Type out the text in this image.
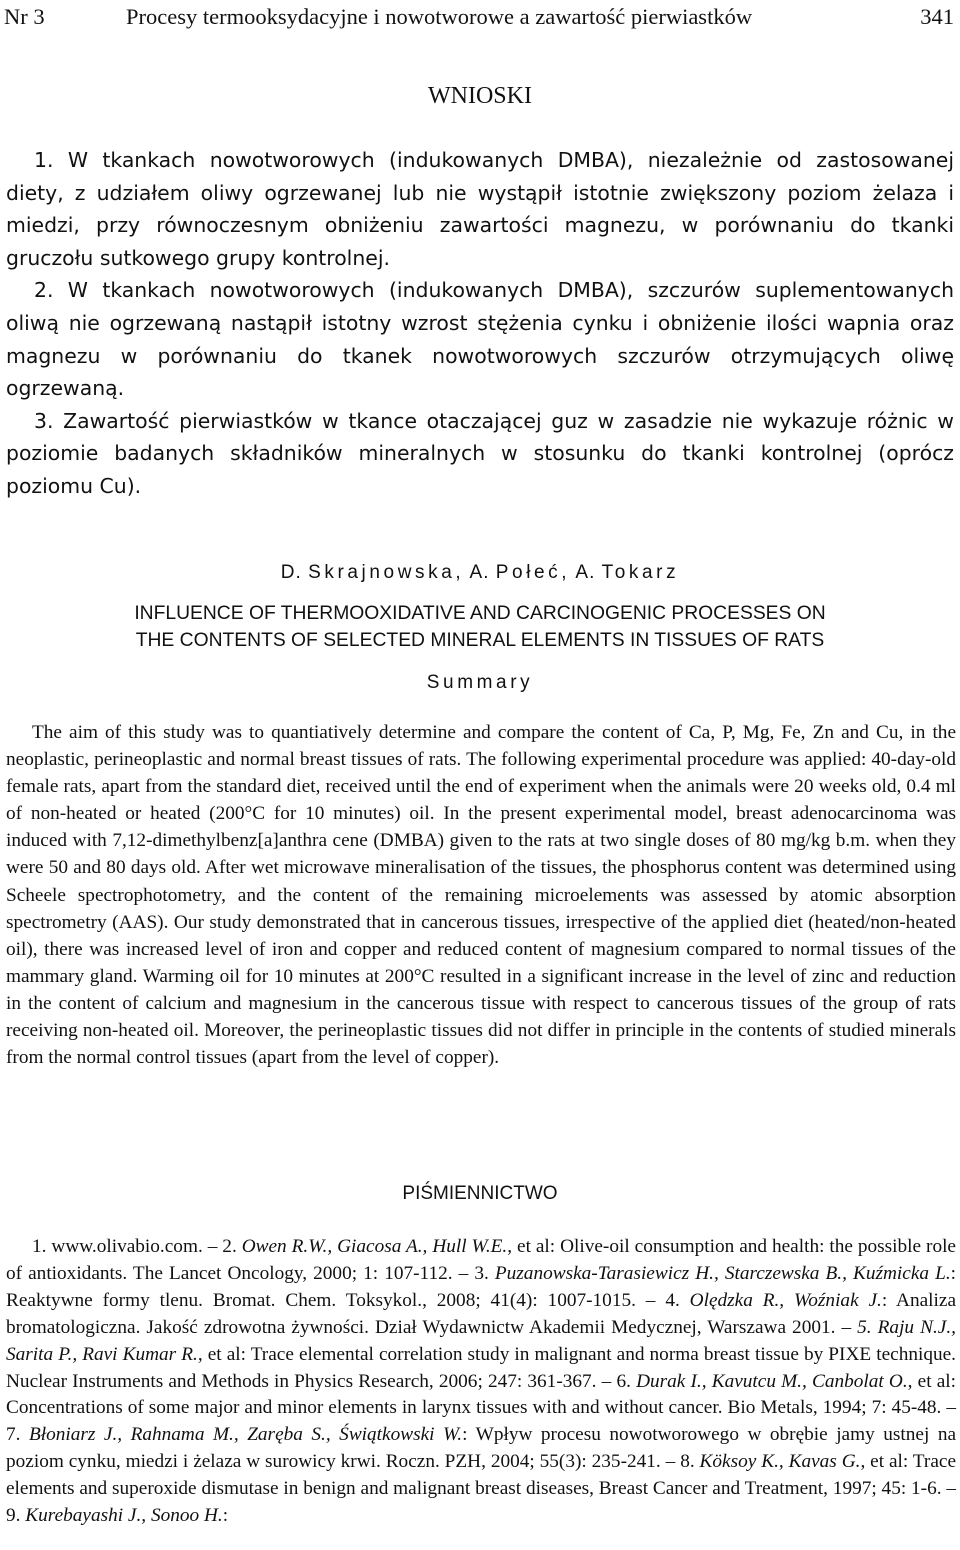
Nr 3	Procesy termooksydacyjne i nowotworowe a zawartość pierwiastków	341
WNIOSKI

1. W tkankach nowotworowych (indukowanych DMBA), niezależnie od zastosowanej diety, z udziałem oliwy ogrzewanej lub nie wystąpił istotnie zwiększony poziom żelaza i miedzi, przy równoczesnym obniżeniu zawartości magnezu, w porównaniu do tkanki gruczołu sutkowego grupy kontrolnej.

2. W tkankach nowotworowych (indukowanych DMBA), szczurów suplementowanych oliwą nie ogrzewaną nastąpił istotny wzrost stężenia cynku i obniżenie ilości wapnia oraz magnezu w porównaniu do tkanek nowotworowych szczurów otrzymujących oliwę ogrzewaną.

3. Zawartość pierwiastków w tkance otaczającej guz w zasadzie nie wykazuje różnic w poziomie badanych składników mineralnych w stosunku do tkanki kontrolnej (oprócz poziomu Cu).

D. Skrajnowska, A. Połeć, A. Tokarz
INFLUENCE OF THERMOOXIDATIVE AND CARCINOGENIC PROCESSES ON
THE CONTENTS OF SELECTED MINERAL ELEMENTS IN TISSUES OF RATS
Summary

The aim of this study was to quantiatively determine and compare the content of Ca, P, Mg, Fe, Zn and Cu, in the neoplastic, perineoplastic and normal breast tissues of rats. The following experimental procedure was applied: 40-day-old female rats, apart from the standard diet, received until the end of experiment when the animals were 20 weeks old, 0.4 ml of non-heated or heated (200°C for 10 minutes) oil. In the present experimental model, breast adenocarcinoma was induced with 7,12-dimethylbenz[a]anthra cene (DMBA) given to the rats at two single doses of 80 mg/kg b.m. when they were 50 and 80 days old. After wet microwave mineralisation of the tissues, the phosphorus content was determined using Scheele spectrophotometry, and the content of the remaining microelements was assessed by atomic absorption spectrometry (AAS). Our study demonstrated that in cancerous tissues, irrespective of the applied diet (heated/non-heated oil), there was increased level of iron and copper and reduced content of magnesium compared to normal tissues of the mammary gland. Warming oil for 10 minutes at 200°C resulted in a significant increase in the level of zinc and reduction in the content of calcium and magnesium in the cancerous tissue with respect to cancerous tissues of the group of rats receiving non-heated oil. Moreover, the perineoplastic tissues did not differ in principle in the contents of studied minerals from the normal control tissues (apart from the level of copper).

PIŚMIENNICTWO

1. www.olivabio.com. – 2. Owen R.W., Giacosa A., Hull W.E., et al: Olive-oil consumption and health: the possible role of antioxidants. The Lancet Oncology, 2000; 1: 107-112. – 3. Puzanowska-Tarasiewicz H., Starczewska B., Kuźmicka L.: Reaktywne formy tlenu. Bromat. Chem. Toksykol., 2008; 41(4): 1007-1015. – 4. Olędzka R., Woźniak J.: Analiza bromatologiczna. Jakość zdrowotna żywności. Dział Wydawnictw Akademii Medycznej, Warszawa 2001. – 5. Raju N.J., Sarita P., Ravi Kumar R., et al: Trace elemental correlation study in malignant and norma breast tissue by PIXE technique. Nuclear Instruments and Methods in Physics Research, 2006; 247: 361-367. – 6. Durak I., Kavutcu M., Canbolat O., et al: Concentrations of some major and minor elements in larynx tissues with and without cancer. Bio Metals, 1994; 7: 45-48. – 7. Błoniarz J., Rahnama M., Zaręba S., Świątkowski W.: Wpływ procesu nowotworowego w obrębie jamy ustnej na poziom cynku, miedzi i żelaza w surowicy krwi. Roczn. PZH, 2004; 55(3): 235-241. – 8. Köksoy K., Kavas G., et al: Trace elements and superoxide dismutase in benign and malignant breast diseases, Breast Cancer and Treatment, 1997; 45: 1-6. – 9. Kurebayashi J., Sonoo H.:
